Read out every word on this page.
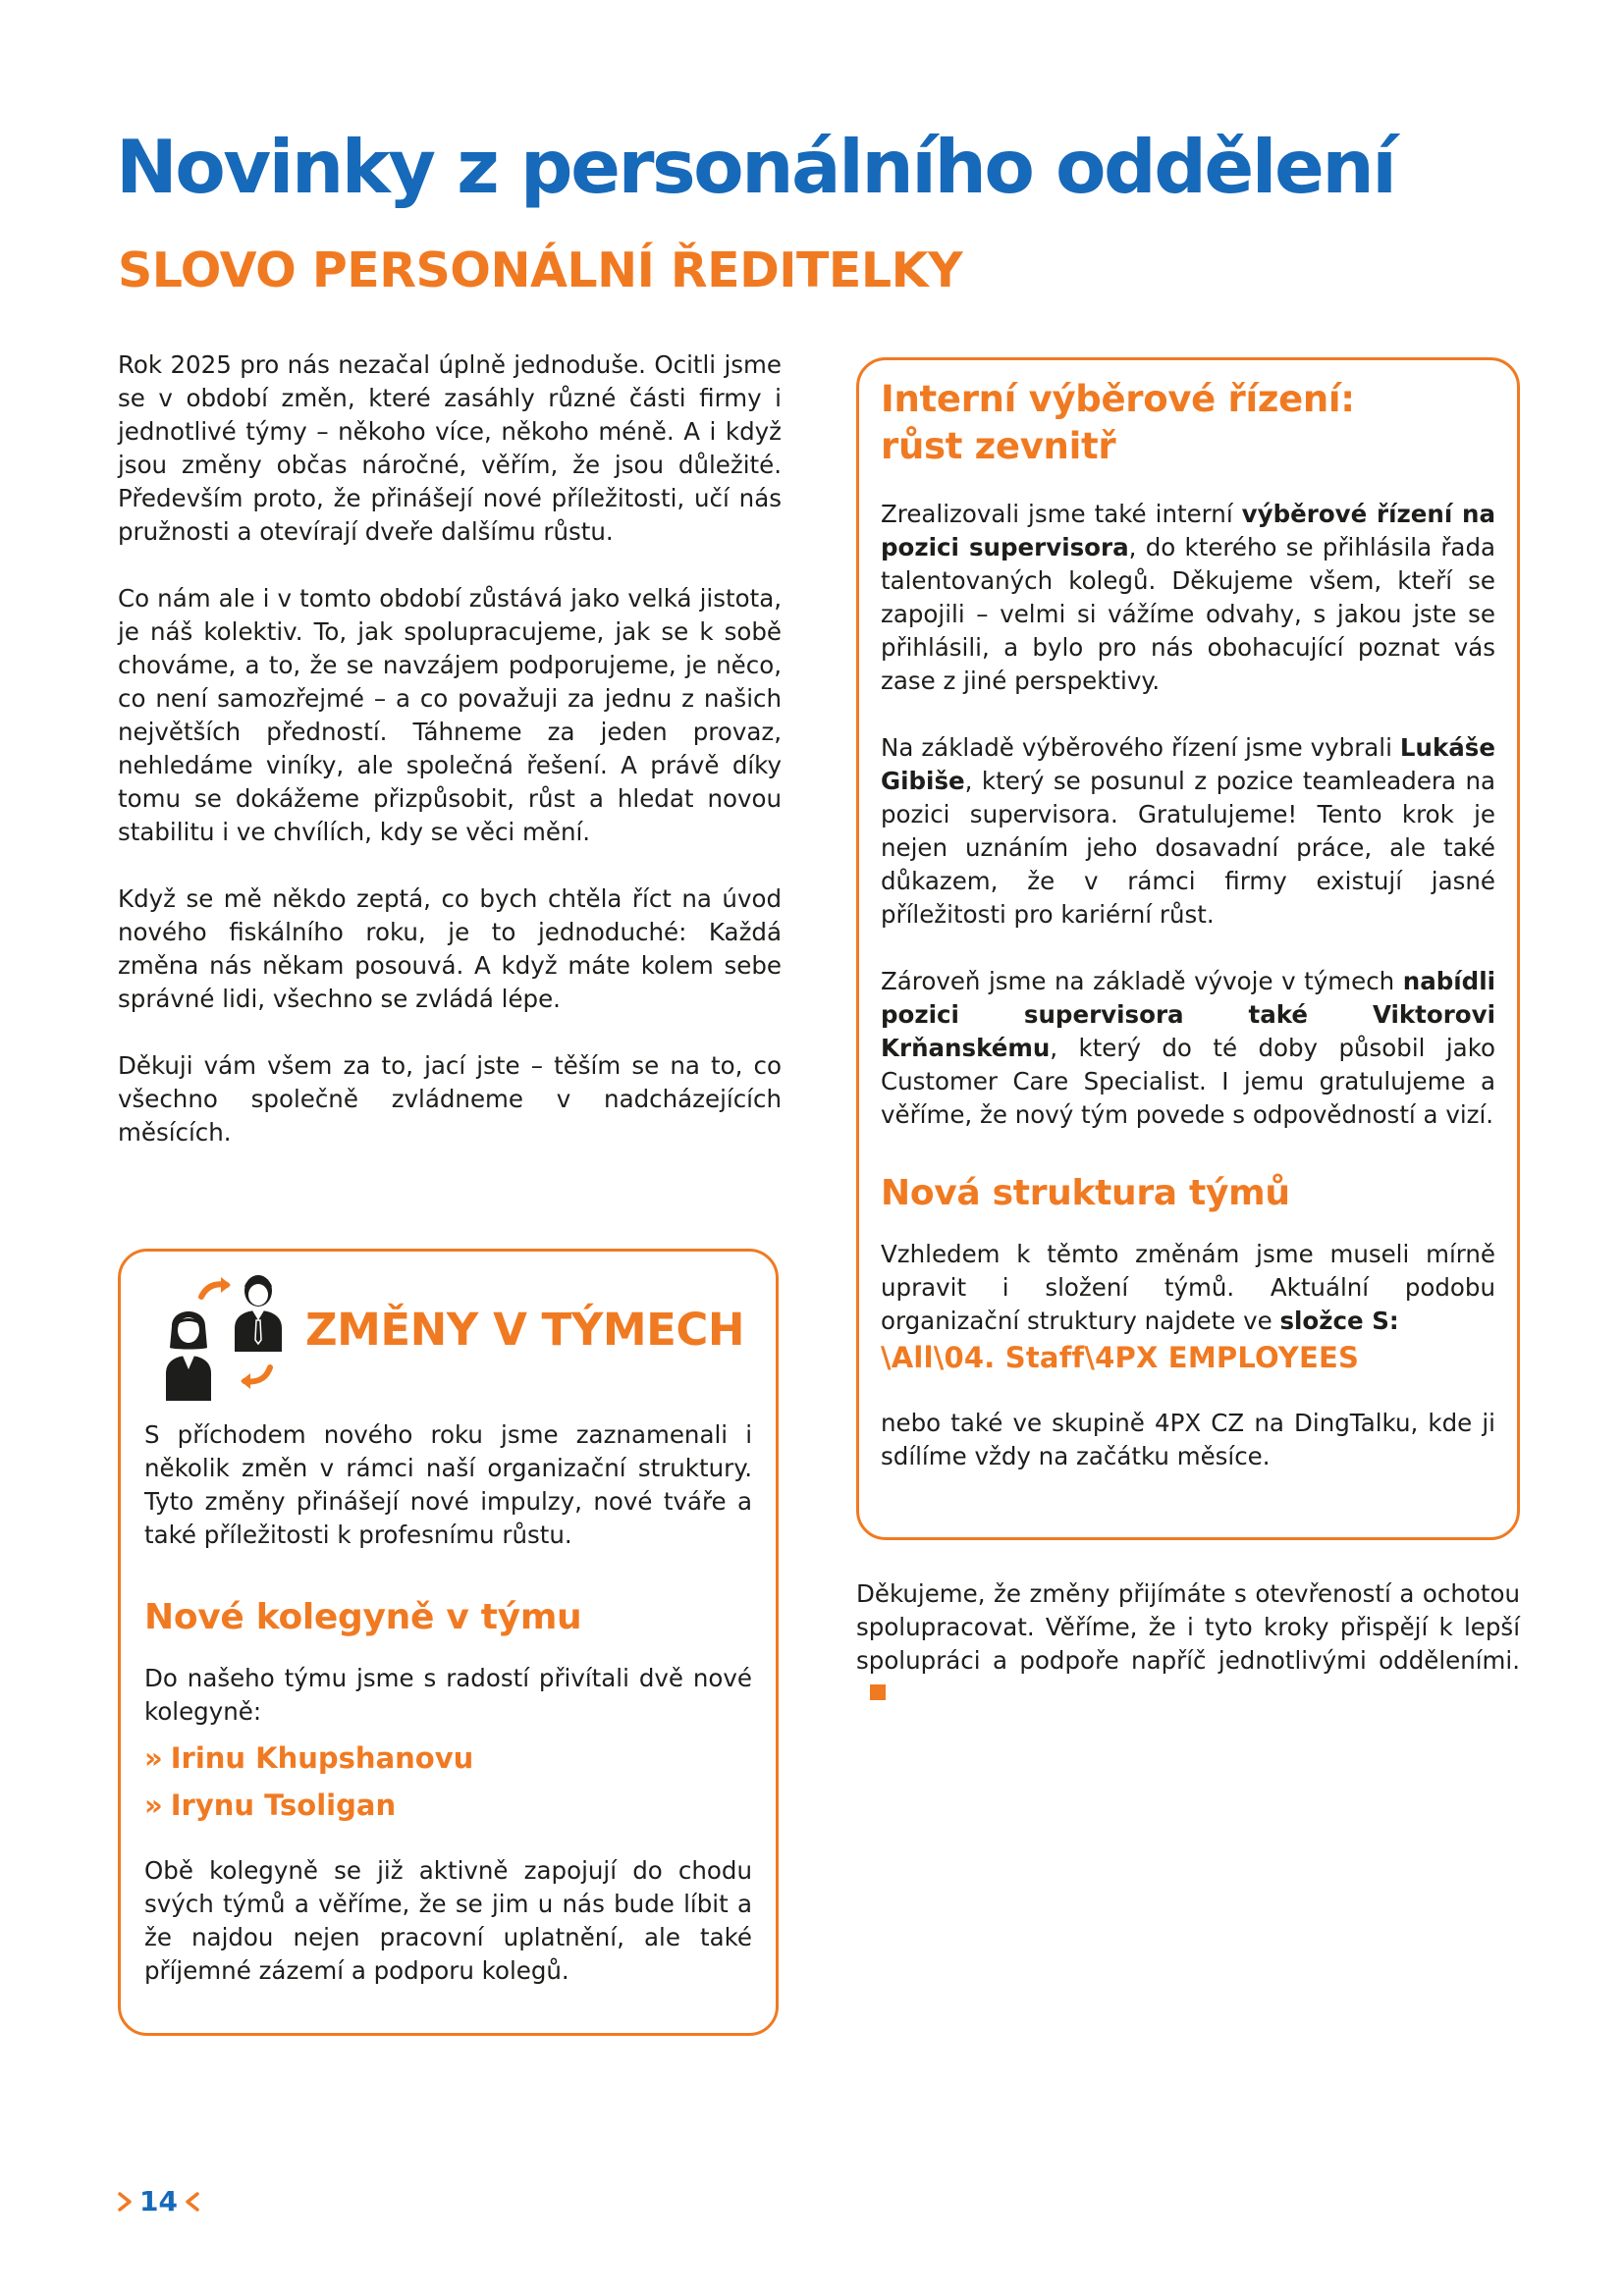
Novinky z personálního oddělení
SLOVO PERSONÁLNÍ ŘEDITELKY

Rok 2025 pro nás nezačal úplně jednoduše. Ocitli jsme se v období změn, které zasáhly různé části firmy i jednotlivé týmy – někoho více, někoho méně. A i když jsou změny občas náročné, věřím, že jsou důležité. Především proto, že přinášejí nové příležitosti, učí nás pružnosti a otevírají dveře dalšímu růstu.

Co nám ale i v tomto období zůstává jako velká jistota, je náš kolektiv. To, jak spolupracujeme, jak se k sobě chováme, a to, že se navzájem podporujeme, je něco, co není samozřejmé – a co považuji za jednu z našich největších předností. Táhneme za jeden provaz, nehledáme viníky, ale společná řešení. A právě díky tomu se dokážeme přizpůsobit, růst a hledat novou stabilitu i ve chvílích, kdy se věci mění.

Když se mě někdo zeptá, co bych chtěla říct na úvod nového fiskálního roku, je to jednoduché: Každá změna nás někam posouvá. A když máte kolem sebe správné lidi, všechno se zvládá lépe.

Děkuji vám všem za to, jací jste – těším se na to, co všechno společně zvládneme v nadcházejících měsících.

ZMĚNY V TÝMECH

S příchodem nového roku jsme zaznamenali i několik změn v rámci naší organizační struktury. Tyto změny přinášejí nové impulzy, nové tváře a také příležitosti k profesnímu růstu.

Nové kolegyně v týmu

Do našeho týmu jsme s radostí přivítali dvě nové kolegyně:

» Irinu Khupshanovu
» Irynu Tsoligan

Obě kolegyně se již aktivně zapojují do chodu svých týmů a věříme, že se jim u nás bude líbit a že najdou nejen pracovní uplatnění, ale také příjemné zázemí a podporu kolegů.

Interní výběrové řízení:
růst zevnitř

Zrealizovali jsme také interní výběrové řízení na pozici supervisora, do kterého se přihlásila řada talentovaných kolegů. Děkujeme všem, kteří se zapojili – velmi si vážíme odvahy, s jakou jste se přihlásili, a bylo pro nás obohacující poznat vás zase z jiné perspektivy.

Na základě výběrového řízení jsme vybrali Lukáše Gibiše, který se posunul z pozice teamleadera na pozici supervisora. Gratulujeme! Tento krok je nejen uznáním jeho dosavadní práce, ale také důkazem, že v rámci firmy existují jasné příležitosti pro kariérní růst.

Zároveň jsme na základě vývoje v týmech nabídli pozici supervisora také Viktorovi Krňanskému, který do té doby působil jako Customer Care Specialist. I jemu gratulujeme a věříme, že nový tým povede s odpovědností a vizí.

Nová struktura týmů

Vzhledem k těmto změnám jsme museli mírně upravit i složení týmů. Aktuální podobu organizační struktury najdete ve složce S:

\All\04. Staff\4PX EMPLOYEES

nebo také ve skupině 4PX CZ na DingTalku, kde ji sdílíme vždy na začátku měsíce.

Děkujeme, že změny přijímáte s otevřeností a ochotou spolupracovat. Věříme, že i tyto kroky přispějí k lepší spolupráci a podpoře napříč jednotlivými odděleními.

14
